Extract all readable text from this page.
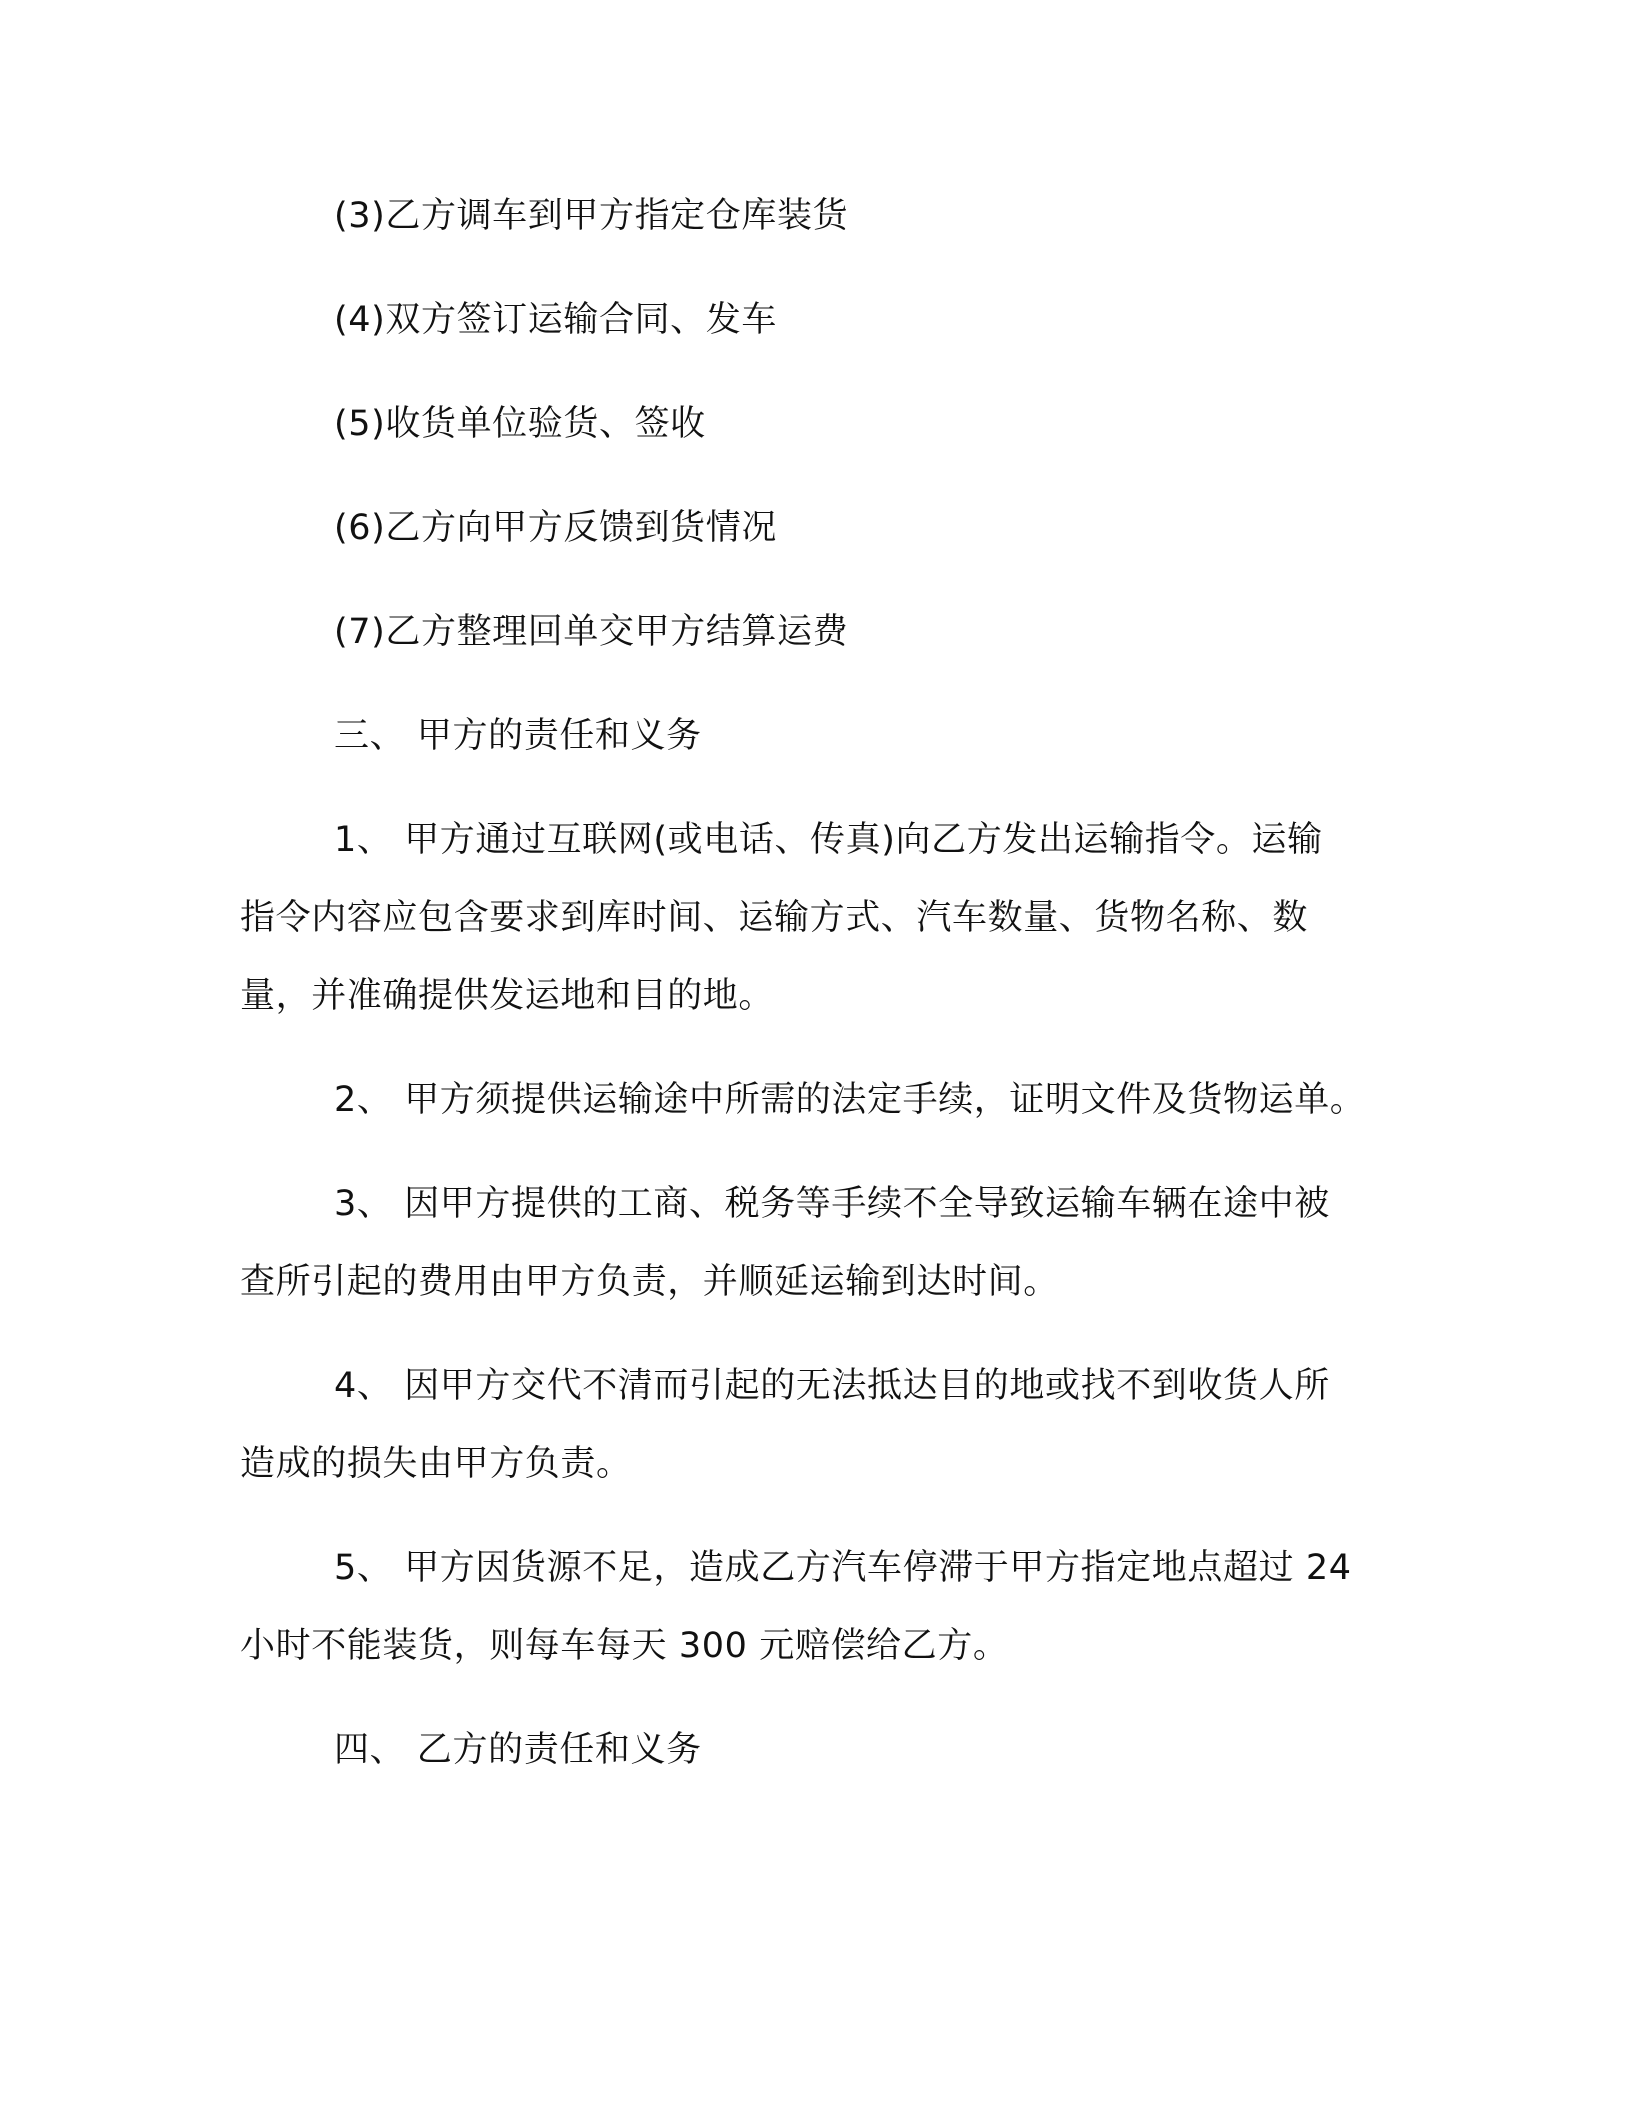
(3)乙方调车到甲方指定仓库装货
(4)双方签订运输合同、发车
(5)收货单位验货、签收
(6)乙方向甲方反馈到货情况
(7)乙方整理回单交甲方结算运费
三、 甲方的责任和义务
1、 甲方通过互联网(或电话、传真)向乙方发出运输指令。运输
指令内容应包含要求到库时间、运输方式、汽车数量、货物名称、数
量，并准确提供发运地和目的地。
2、 甲方须提供运输途中所需的法定手续，证明文件及货物运单。
3、 因甲方提供的工商、税务等手续不全导致运输车辆在途中被
查所引起的费用由甲方负责，并顺延运输到达时间。
4、 因甲方交代不清而引起的无法抵达目的地或找不到收货人所
造成的损失由甲方负责。
5、 甲方因货源不足，造成乙方汽车停滞于甲方指定地点超过 24
小时不能装货，则每车每天 300 元赔偿给乙方。
四、 乙方的责任和义务
